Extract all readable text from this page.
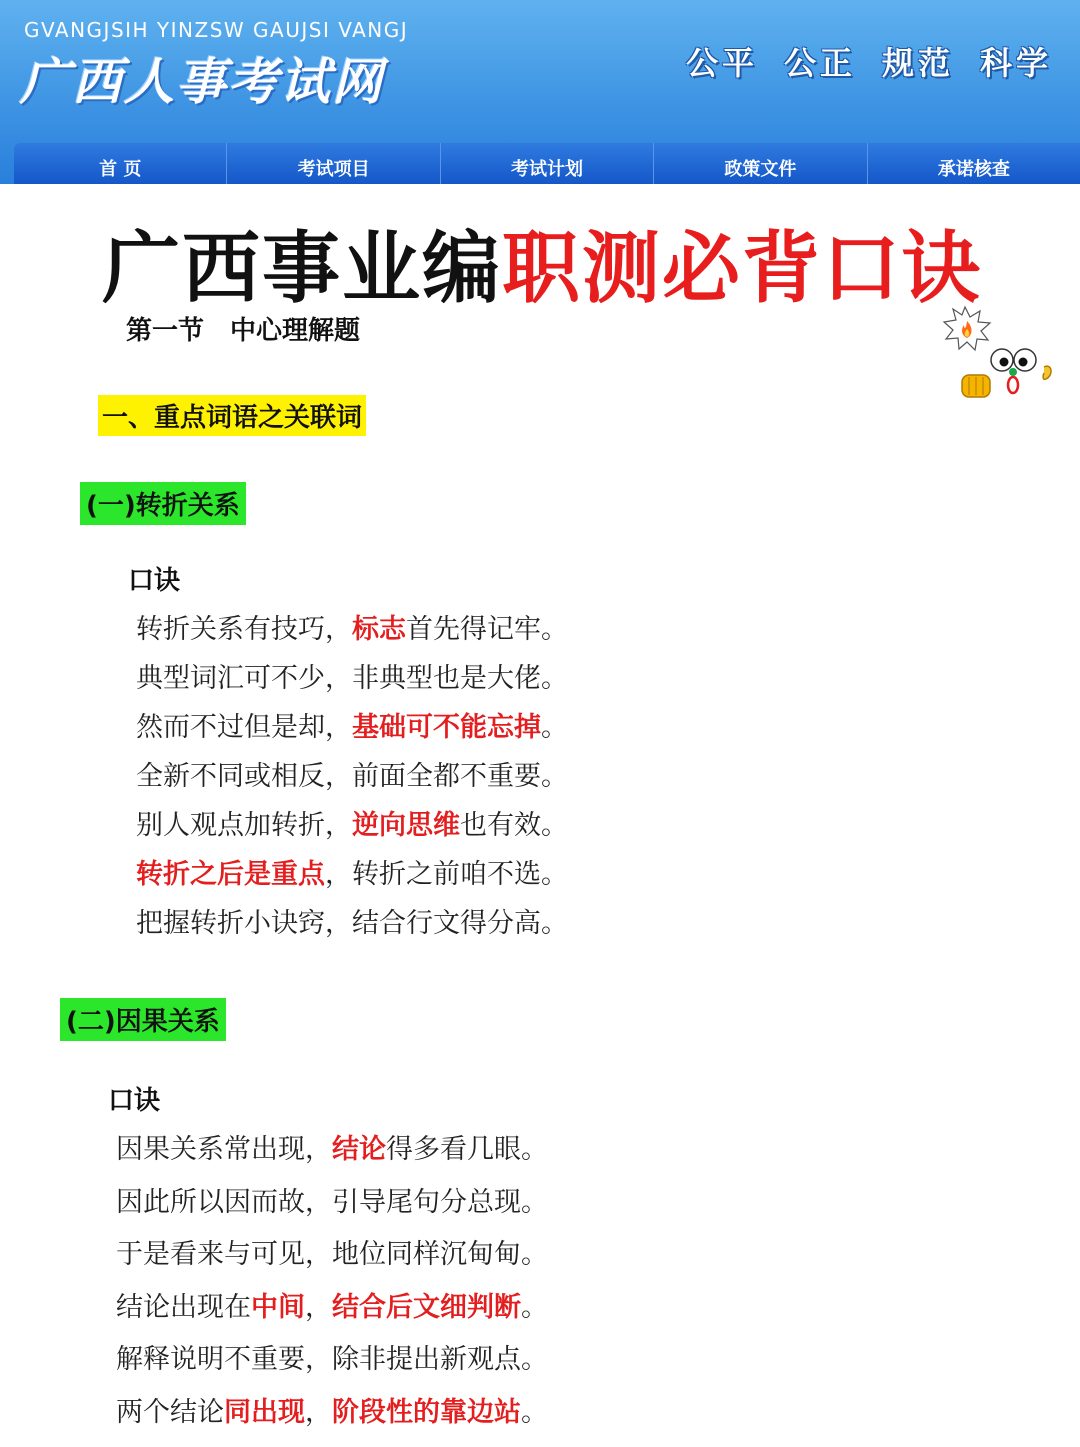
GVANGJSIH YINZSW GAUJSI VANGJ
广西人事考试网	公平 公正 规范 科学
首 页	考试项目	考试计划	政策文件	承诺核查
广西事业编职测必背口诀
第一节　中心理解题
一、重点词语之关联词
(一)转折关系
口诀
转折关系有技巧，标志首先得记牢。
典型词汇可不少，非典型也是大佬。
然而不过但是却，基础可不能忘掉。
全新不同或相反，前面全都不重要。
别人观点加转折，逆向思维也有效。
转折之后是重点，转折之前咱不选。
把握转折小诀窍，结合行文得分高。
(二)因果关系
口诀
因果关系常出现，结论得多看几眼。
因此所以因而故，引导尾句分总现。
于是看来与可见，地位同样沉甸甸。
结论出现在中间，结合后文细判断。
解释说明不重要，除非提出新观点。
两个结论同出现，阶段性的靠边站。
